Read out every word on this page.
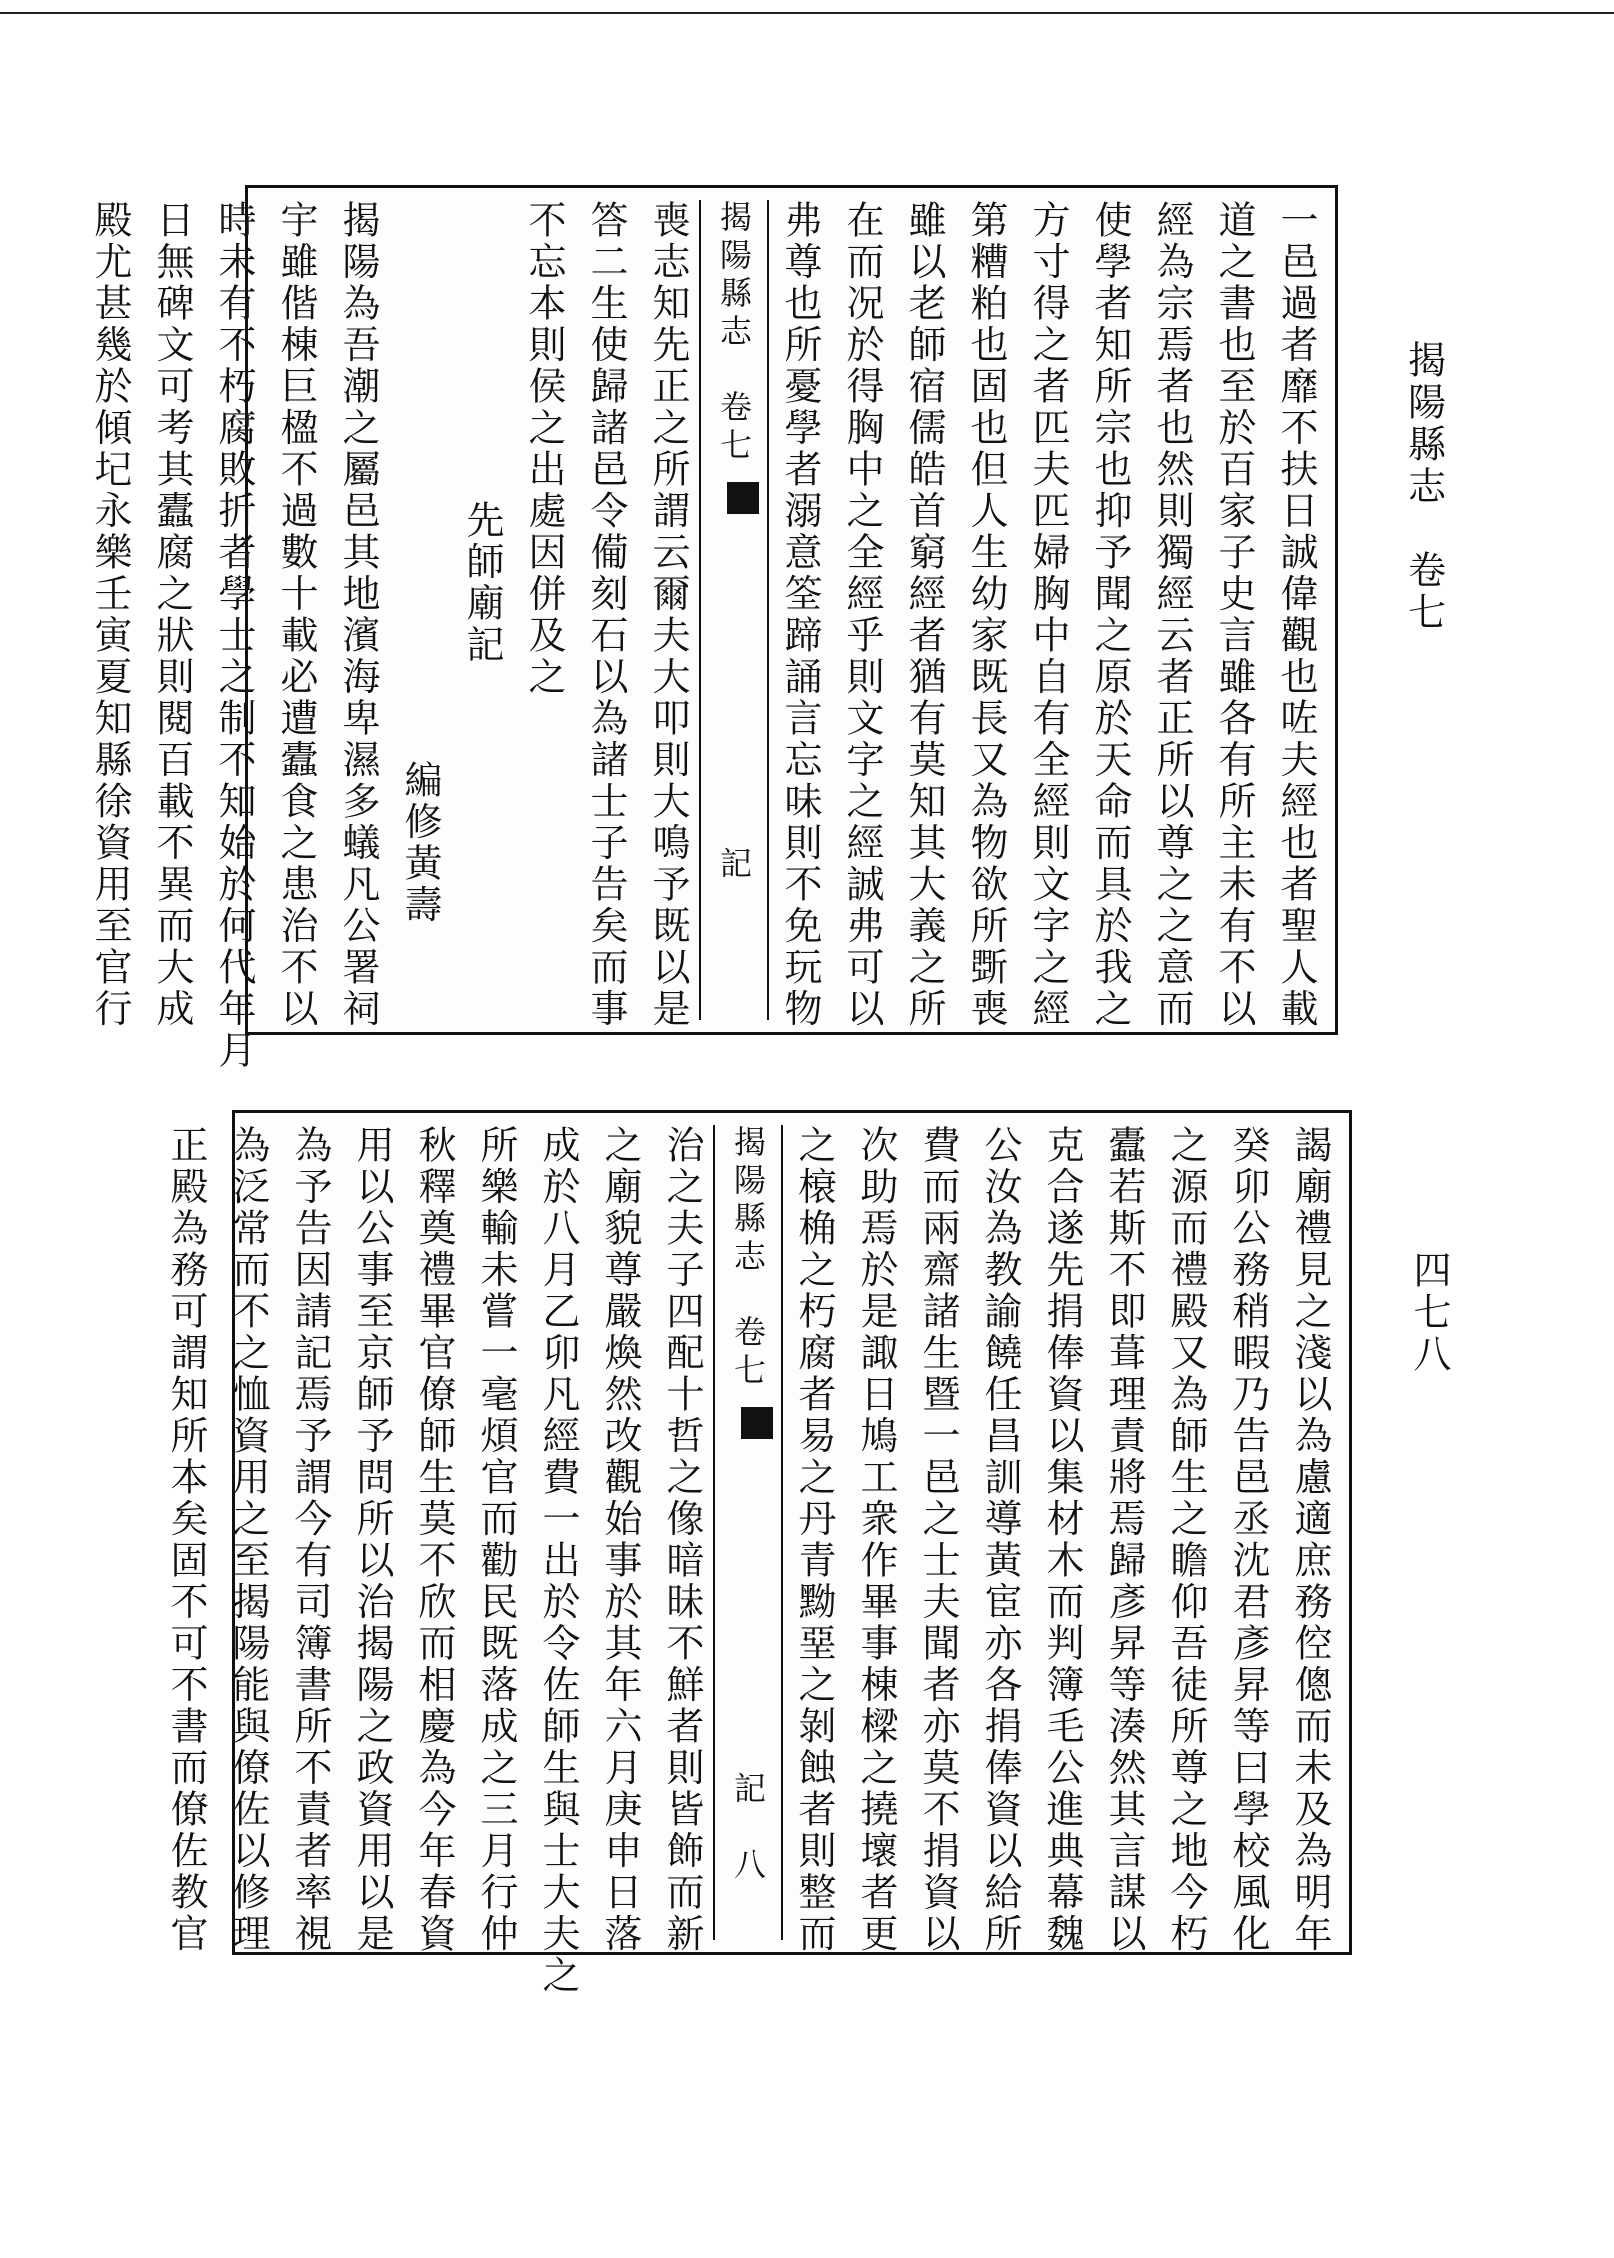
揭陽縣志　卷七
四七八
一邑過者靡不扶日誠偉觀也咗夫經也者聖人載
道之書也至於百家子史言雖各有所主未有不以
經為宗焉者也然則獨經云者正所以尊之之意而
使學者知所宗也抑予聞之原於天命而具於我之
方寸得之者匹夫匹婦胸中自有全經則文字之經
第糟粕也固也但人生幼家既長又為物欲所斲喪
雖以老師宿儒皓首窮經者猶有莫知其大義之所
在而况於得胸中之全經乎則文字之經誠弗可以
弗尊也所憂學者溺意筌蹄誦言忘味則不免玩物
揭陽縣志　卷七   記
喪志知先正之所謂云爾夫大叩則大鳴予既以是
答二生使歸諸邑令僃刻石以為諸士子告矣而事
不忘本則侯之出處因併及之
先師廟記
編修黃壽
揭陽為吾潮之屬邑其地濱海卑濕多蟻凡公署祠
宇雖偕棟巨楹不過數十載必遭蠹食之患治不以
時未有不朽腐敗折者學士之制不知始於何代年月
日無碑文可考其蠹腐之狀則閱百載不異而大成
殿尤甚幾於傾圮永樂壬寅夏知縣徐資用至官行
謁廟禮見之淺以為慮適庶務倥傯而未及為明年
癸卯公務稍暇乃告邑丞沈君彥昇等曰學校風化
之源而禮殿又為師生之瞻仰吾徒所尊之地今朽
蠹若斯不即葺理責將焉歸彥昇等湊然其言謀以
克合遂先捐俸資以集材木而判簿毛公進典幕魏
公汝為教諭饒任昌訓導黃宦亦各捐俸資以給所
費而兩齋諸生暨一邑之士夫聞者亦莫不捐資以
次助焉於是諏日鳩工衆作畢事棟樑之撓壞者更
之榱桷之朽腐者易之丹青黝堊之剝蝕者則整而
揭陽縣志　卷七   記　八
治之夫子四配十哲之像暗昧不鮮者則皆飾而新
之廟貌尊嚴煥然改觀始事於其年六月庚申日落
成於八月乙卯凡經費一出於令佐師生與士大夫之
所樂輸未嘗一毫煩官而勸民既落成之三月行仲
秋釋奠禮畢官僚師生莫不欣而相慶為今年春資
用以公事至京師予問所以治揭陽之政資用以是
為予告因請記焉予謂今有司簿書所不責者率視
為泛常而不之恤資用之至揭陽能與僚佐以修理
正殿為務可謂知所本矣固不可不書而僚佐教官
